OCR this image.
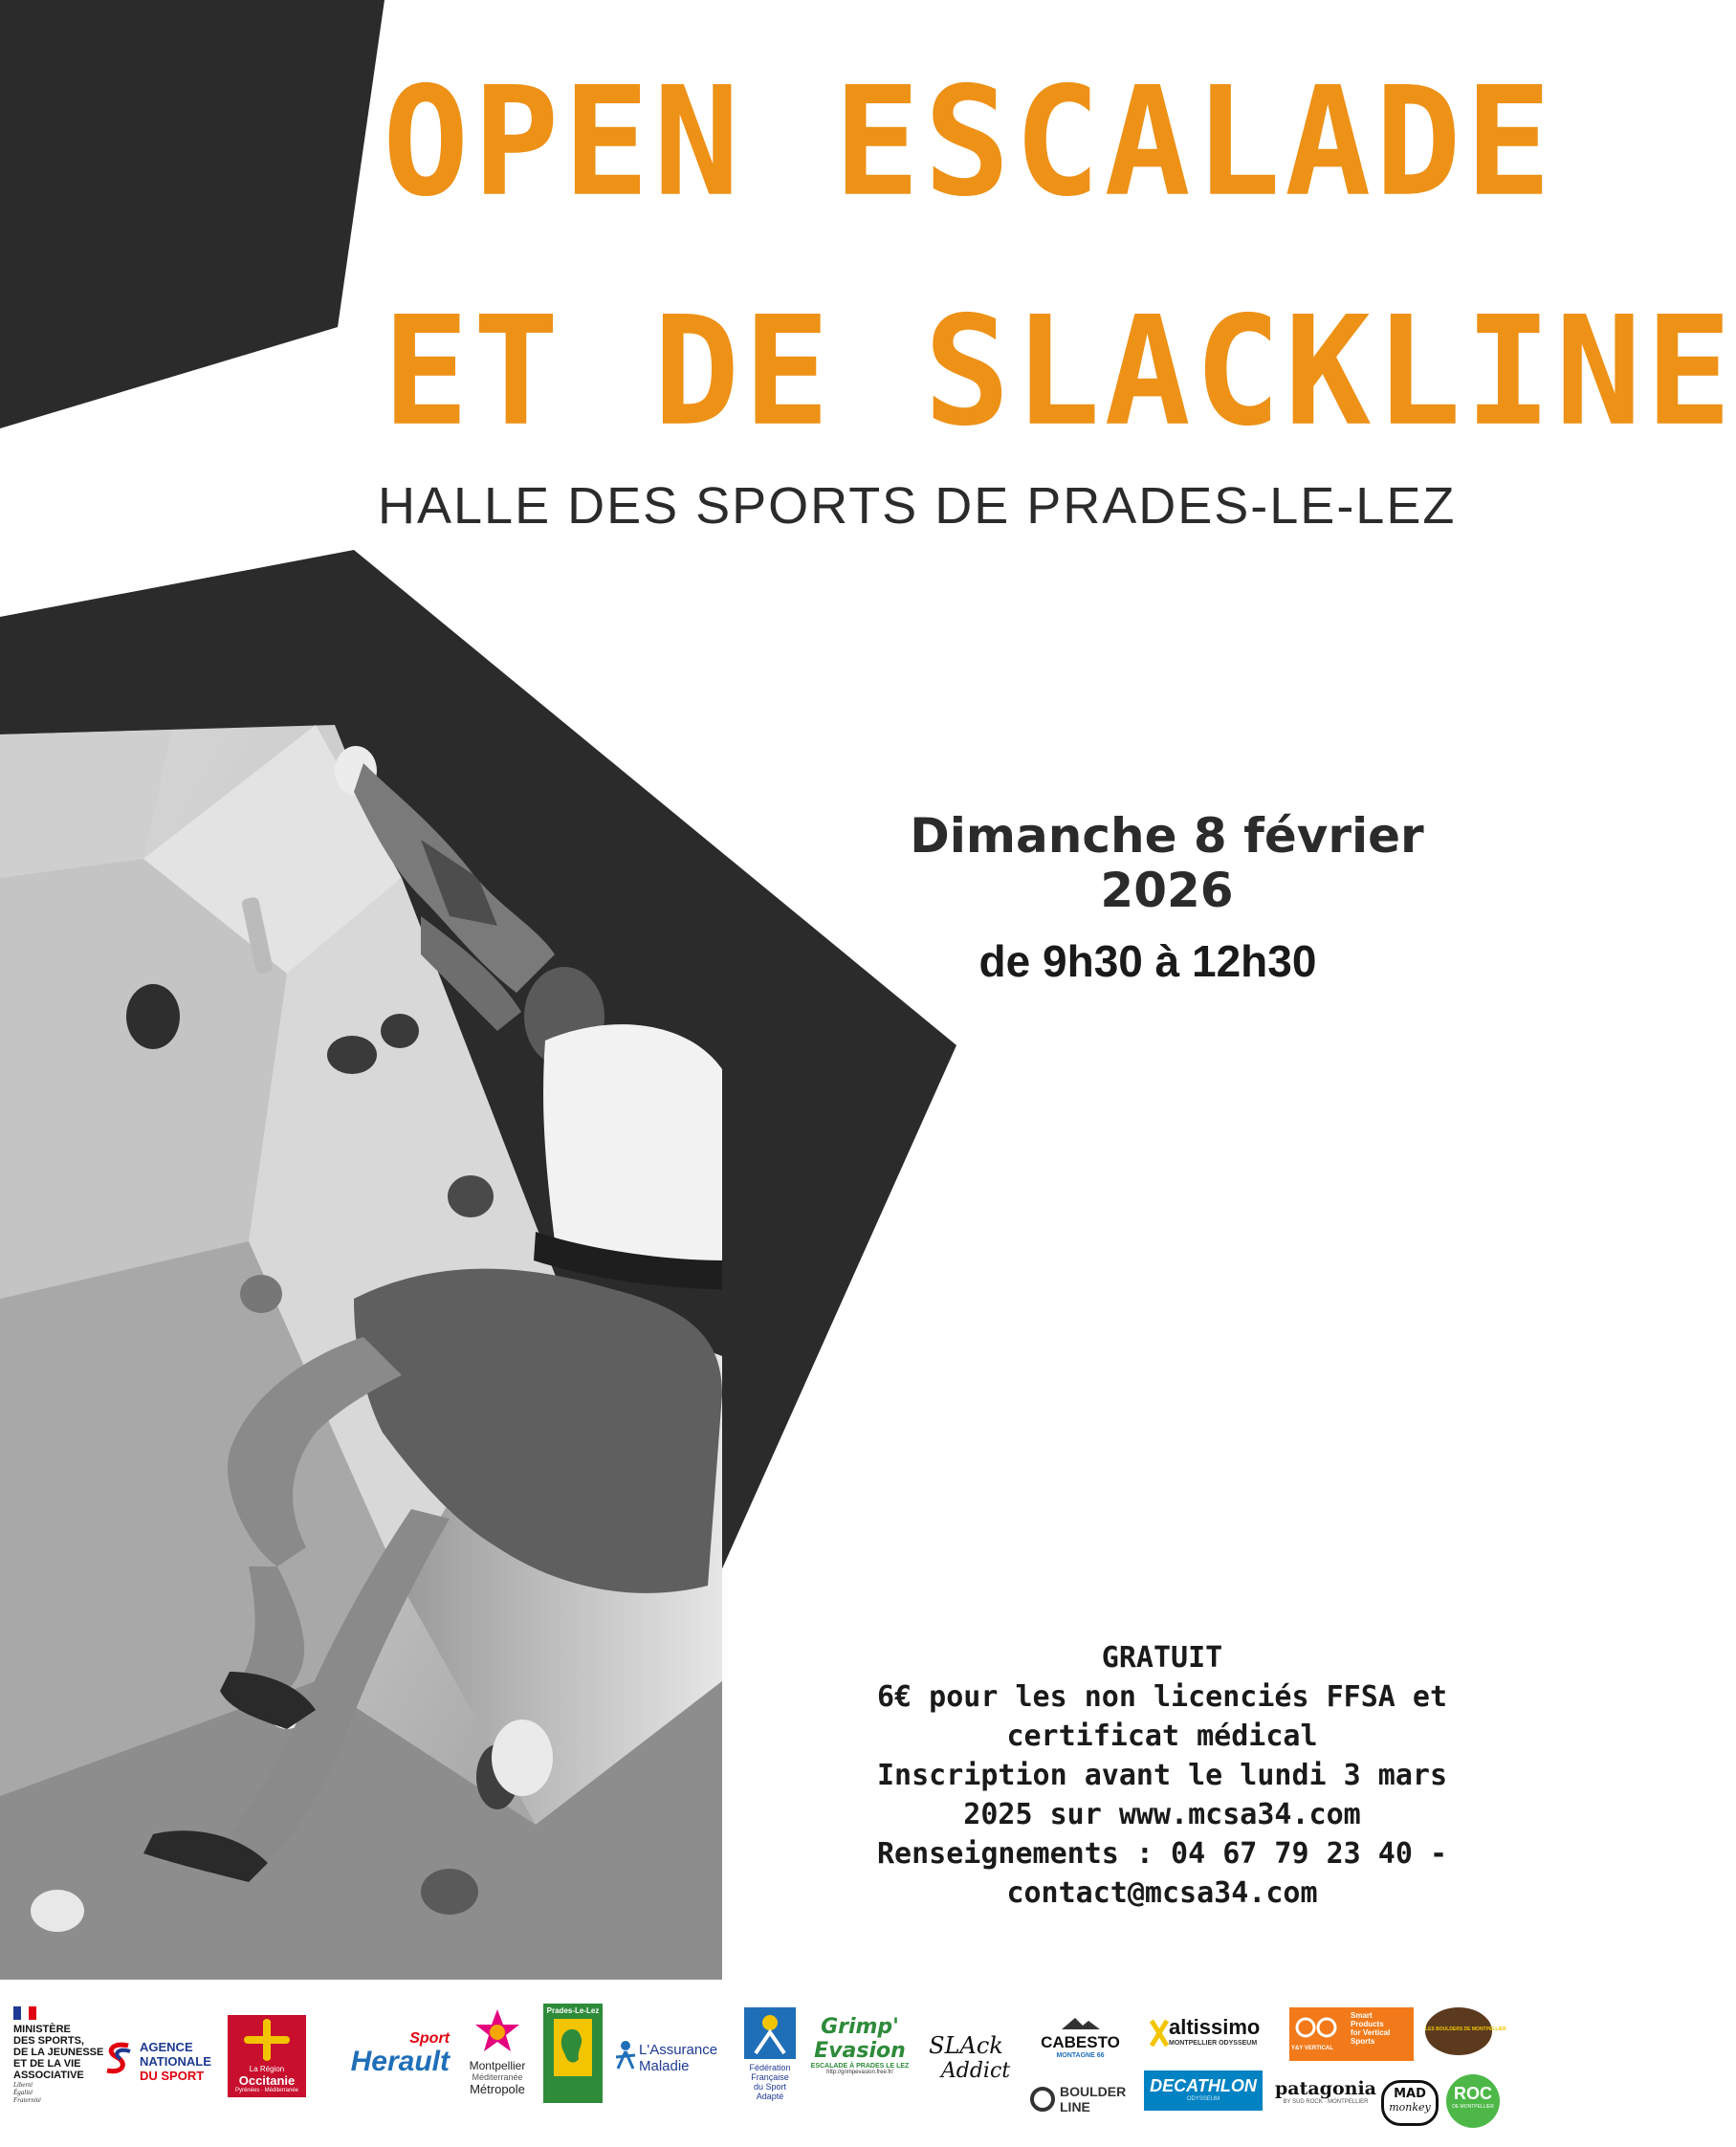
OPEN ESCALADE
ET DE SLACKLINE
HALLE DES SPORTS DE PRADES-LE-LEZ
Dimanche 8 février
2026
de 9h30 à 12h30
GRATUIT
6€ pour les non licenciés FFSA et
certificat médical
Inscription avant le lundi 3 mars
2025 sur www.mcsa34.com
Renseignements : 04 67 79 23 40 -
contact@mcsa34.com
MINISTÈRE
DES SPORTS,
DE LA JEUNESSE
ET DE LA VIE
ASSOCIATIVE
Liberté
Égalité
Fraternité
AGENCE
NATIONALE
DU SPORT	La Région
Occitanie
Pyrénées · Méditerranée
Sport
Herault	Montpellier
Méditerranée
Métropole
Prades-Le-Lez
L'Assurance
Maladie	Fédération
Française
du Sport
Adapté
Grimp'
Evasion
ESCALADE À PRADES LE LEZ
http://grimpevasion.free.fr/
SLAck
Addict
CABESTO
MONTAGNE 66
BOULDER
LINE
altissimo
MONTPELLIER ODYSSEUM
DECATHLON
ODYSSEUM
Y&Y VERTICAL
Smart
Products
for Vertical
Sports
patagonia
BY SUD ROCK · MONTPELLIER
LES BOULDERS DE MONTPELLIER
MAD
monkey
ROC
DE MONTPELLIER
